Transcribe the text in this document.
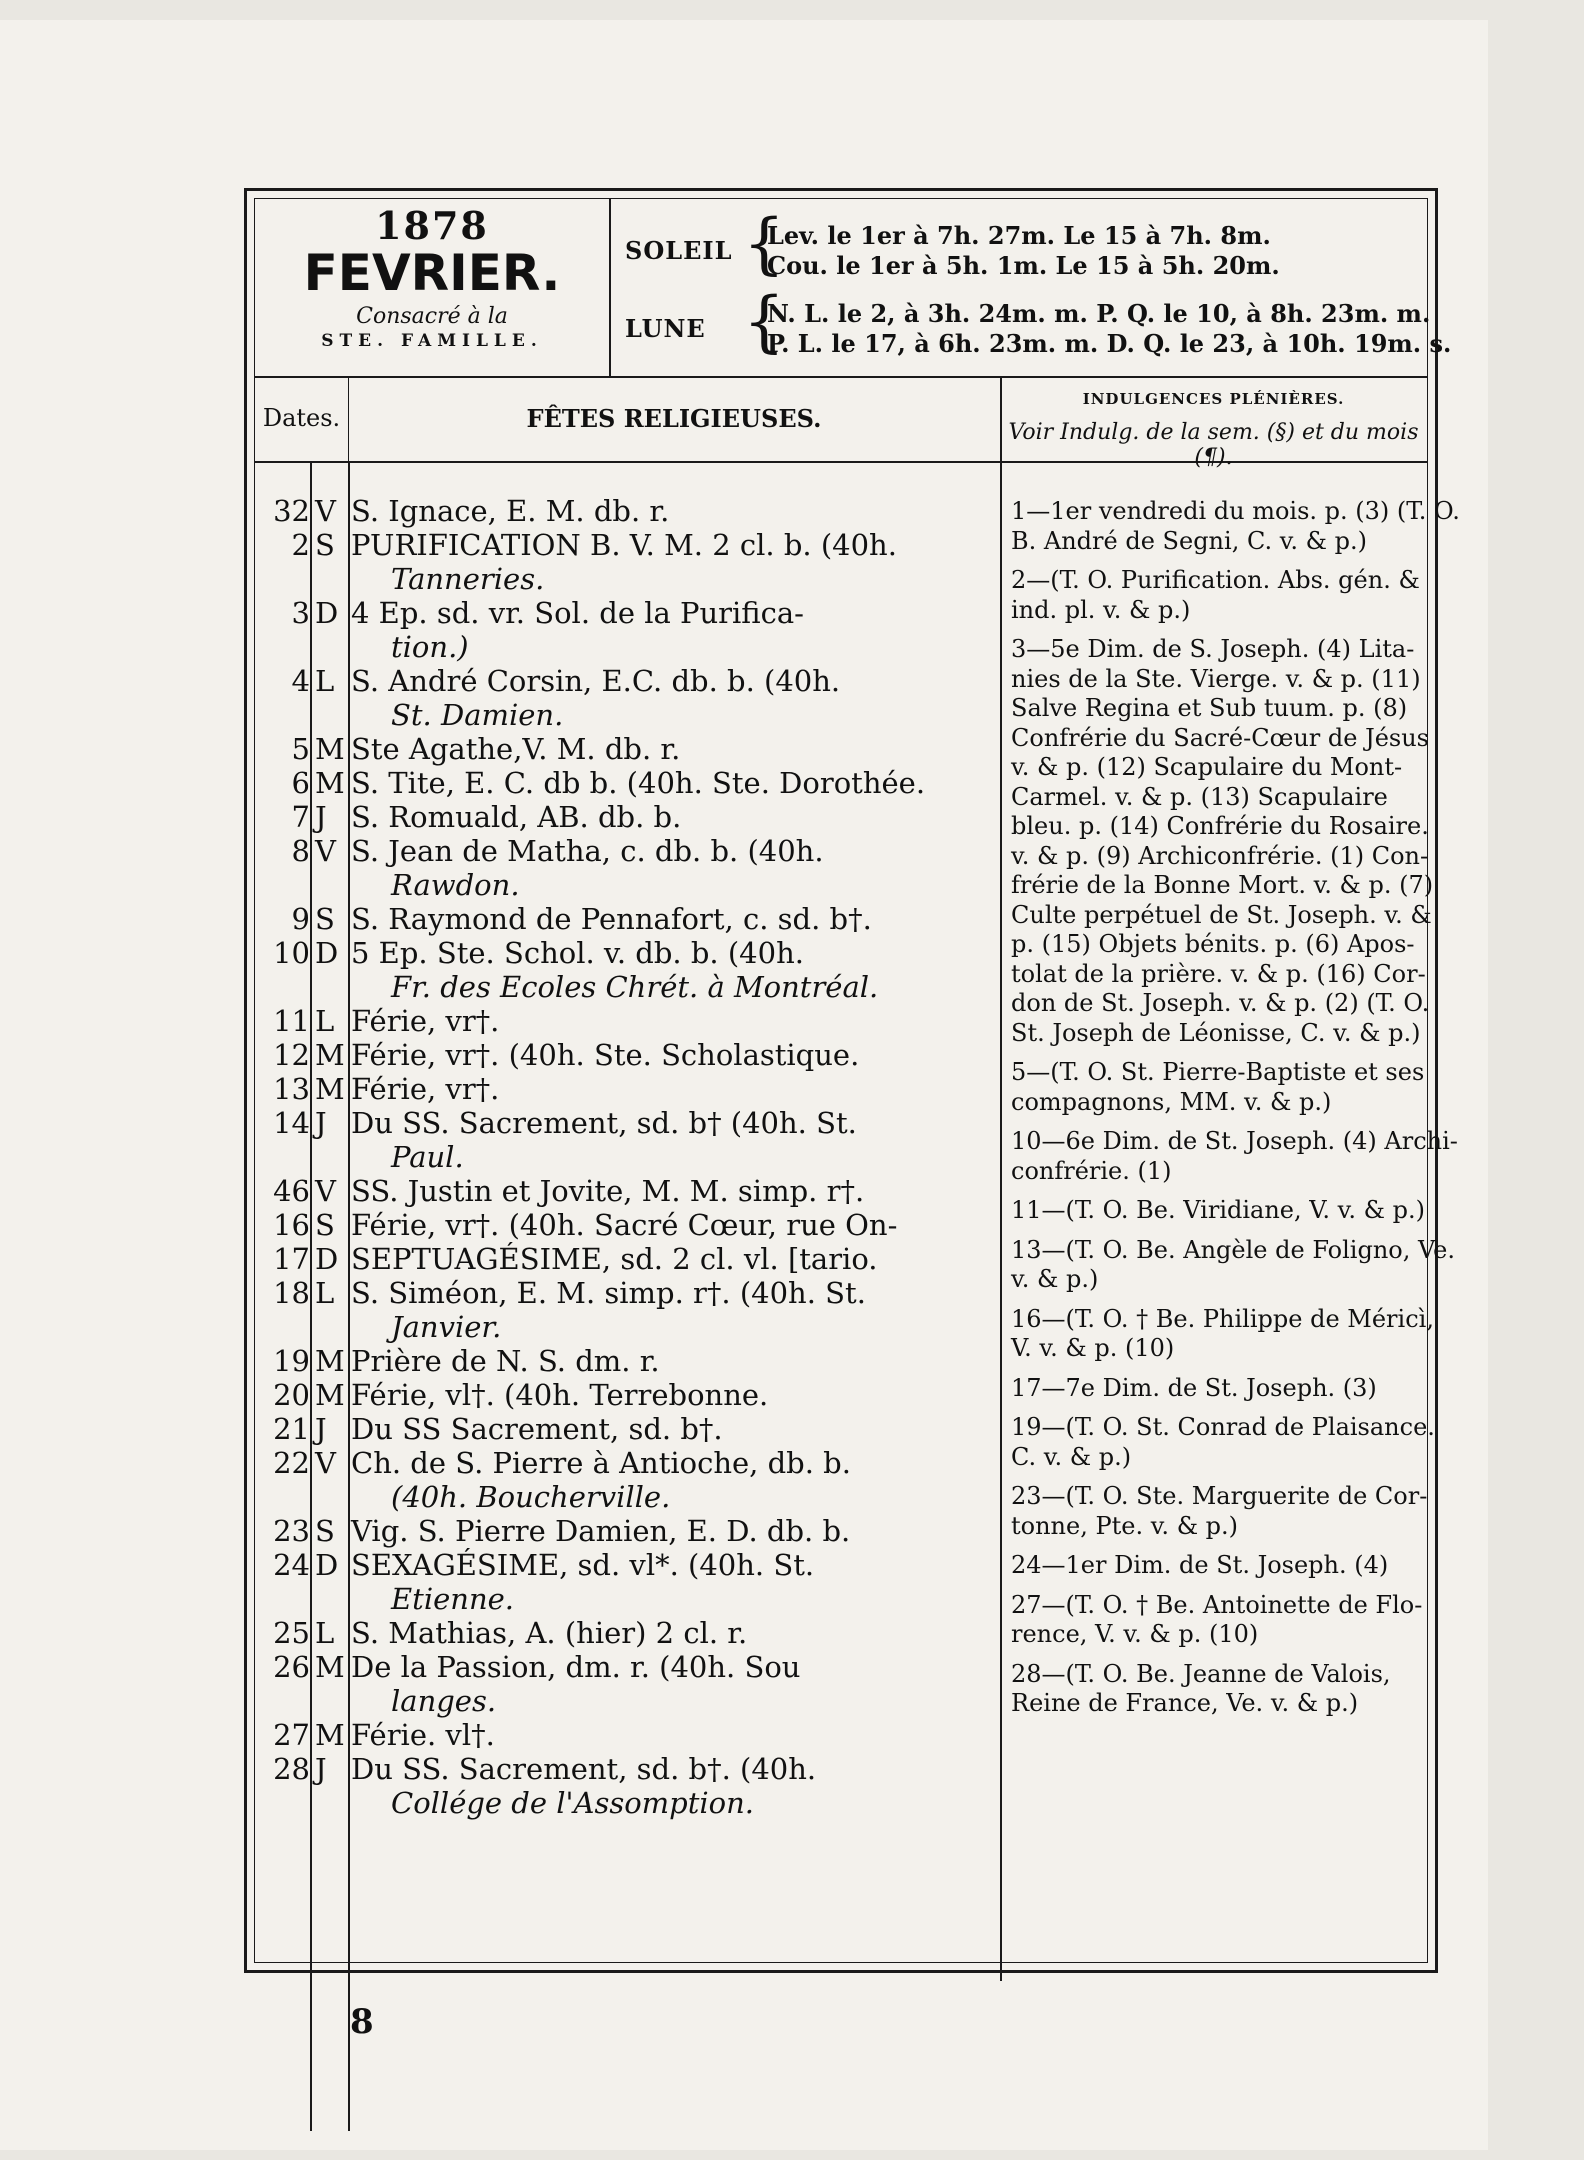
1878
FEVRIER.
Consacré à la
STE. FAMILLE.
SOLEIL {
Lev. le 1er à 7h. 27m. Le 15 à 7h. 8m.
Cou. le 1er à 5h. 1m. Le 15 à 5h. 20m.
LUNE {
N. L. le 2, à 3h. 24m. m. P. Q. le 10, à 8h. 23m. m.
P. L. le 17, à 6h. 23m. m. D. Q. le 23, à 10h. 19m. s.
Dates.	FÊTES RELIGIEUSES.
INDULGENCES PLÉNIÈRES.
Voir Indulg. de la sem. (§) et du mois (¶).
32 V S. Ignace, E. M. db. r.
2 S PURIFICATION B. V. M. 2 cl. b. (40h.
Tanneries.
3 D 4 Ep. sd. vr. Sol. de la Purifica-
tion.)
4 L S. André Corsin, E.C. db. b. (40h.
St. Damien.
5 M Ste Agathe,V. M. db. r.
6 M S. Tite, E. C. db b. (40h. Ste. Dorothée.
7 J S. Romuald, AB. db. b.
8 V S. Jean de Matha, c. db. b. (40h.
Rawdon.
9 S S. Raymond de Pennafort, c. sd. b†.
10 D 5 Ep. Ste. Schol. v. db. b. (40h.
Fr. des Ecoles Chrét. à Montréal.
11 L Férie, vr†.
12 M Férie, vr†. (40h. Ste. Scholastique.
13 M Férie, vr†.
14 J Du SS. Sacrement, sd. b† (40h. St.
Paul.
46 V SS. Justin et Jovite, M. M. simp. r†.
16 S Férie, vr†. (40h. Sacré Cœur, rue On-
17 D SEPTUAGÉSIME, sd. 2 cl. vl. [tario.
18 L S. Siméon, E. M. simp. r†. (40h. St.
Janvier.
19 M Prière de N. S. dm. r.
20 M Férie, vl†. (40h. Terrebonne.
21 J Du SS Sacrement, sd. b†.
22 V Ch. de S. Pierre à Antioche, db. b.
(40h. Boucherville.
23 S Vig. S. Pierre Damien, E. D. db. b.
24 D SEXAGÉSIME, sd. vl*. (40h. St.
Etienne.
25 L S. Mathias, A. (hier) 2 cl. r.
26 M De la Passion, dm. r. (40h. Sou
langes.
27 M Férie. vl†.
28 J Du SS. Sacrement, sd. b†. (40h.
Collége de l'Assomption.
1—1er vendredi du mois. p. (3) (T. O.
B. André de Segni, C. v. & p.)
2—(T. O. Purification. Abs. gén. &
ind. pl. v. & p.)
3—5e Dim. de S. Joseph. (4) Lita-
nies de la Ste. Vierge. v. & p. (11)
Salve Regina et Sub tuum. p. (8)
Confrérie du Sacré-Cœur de Jésus
v. & p. (12) Scapulaire du Mont-
Carmel. v. & p. (13) Scapulaire
bleu. p. (14) Confrérie du Rosaire.
v. & p. (9) Archiconfrérie. (1) Con-
frérie de la Bonne Mort. v. & p. (7)
Culte perpétuel de St. Joseph. v. &
p. (15) Objets bénits. p. (6) Apos-
tolat de la prière. v. & p. (16) Cor-
don de St. Joseph. v. & p. (2) (T. O.
St. Joseph de Léonisse, C. v. & p.)
5—(T. O. St. Pierre-Baptiste et ses
compagnons, MM. v. & p.)
10—6e Dim. de St. Joseph. (4) Archi-
confrérie. (1)
11—(T. O. Be. Viridiane, V. v. & p.)
13—(T. O. Be. Angèle de Foligno, Ve.
v. & p.)
16—(T. O. † Be. Philippe de Méricì,
V. v. & p. (10)
17—7e Dim. de St. Joseph. (3)
19—(T. O. St. Conrad de Plaisance.
C. v. & p.)
23—(T. O. Ste. Marguerite de Cor-
tonne, Pte. v. & p.)
24—1er Dim. de St. Joseph. (4)
27—(T. O. † Be. Antoinette de Flo-
rence, V. v. & p. (10)
28—(T. O. Be. Jeanne de Valois,
Reine de France, Ve. v. & p.)
8
